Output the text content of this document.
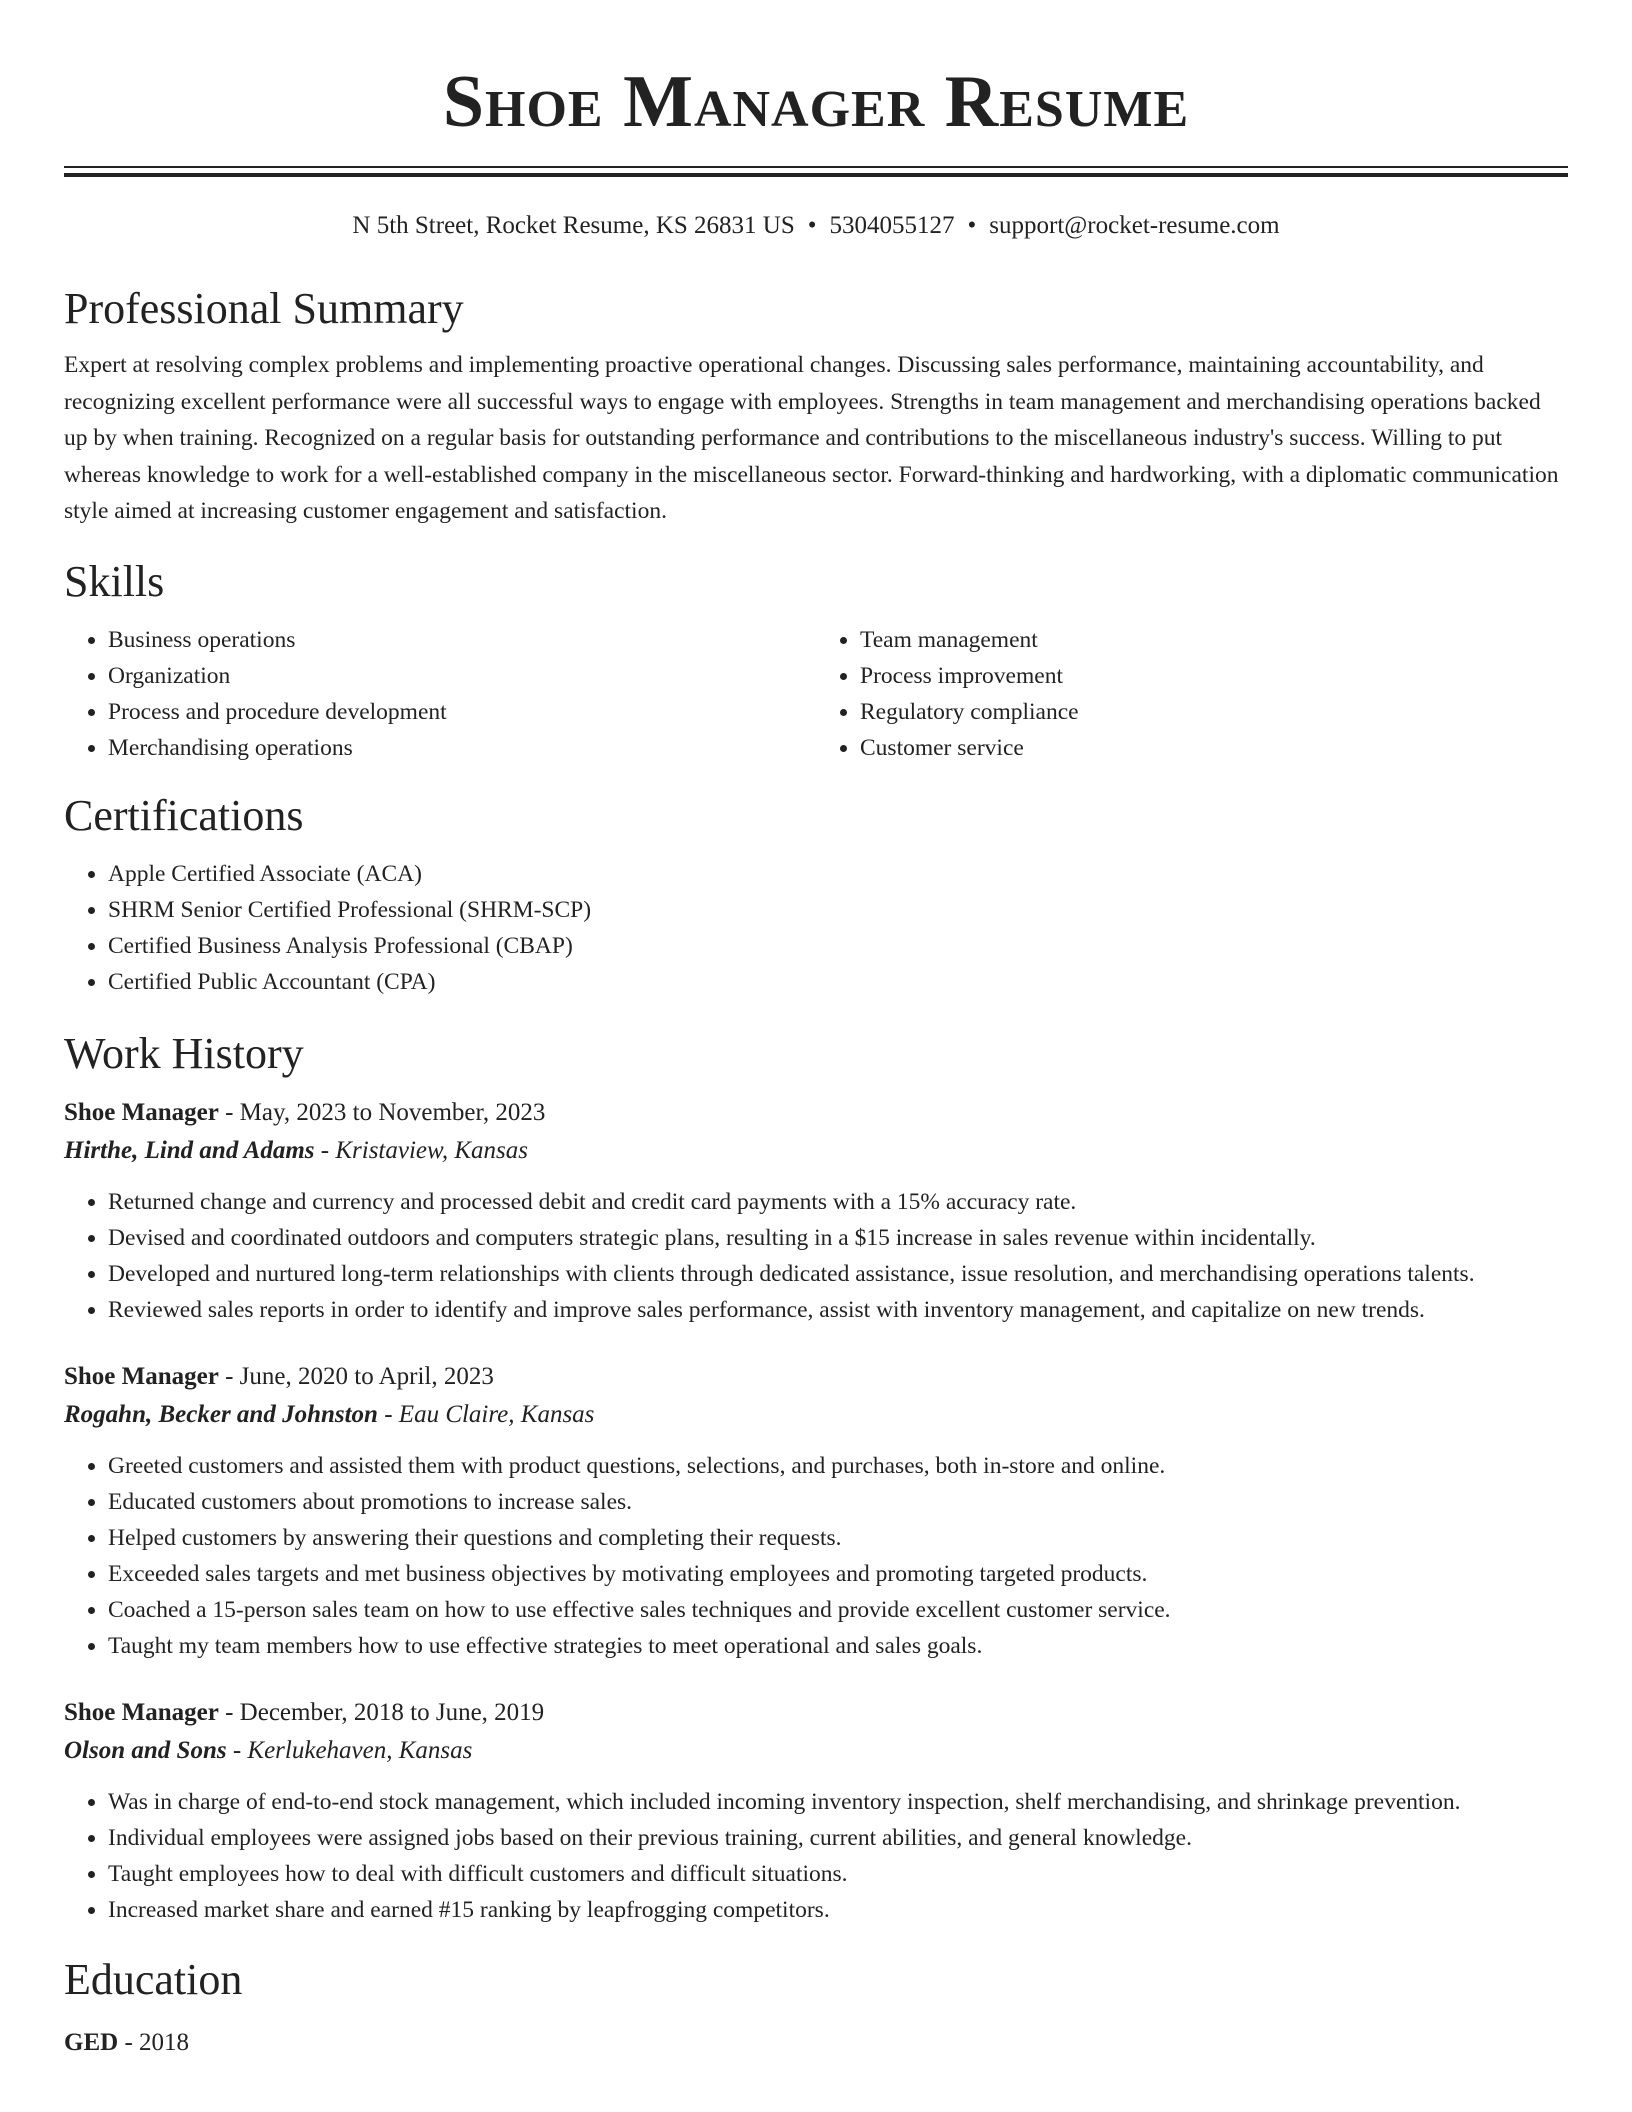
Shoe Manager Resume
N 5th Street, Rocket Resume, KS 26831 US • 5304055127 • support@rocket-resume.com
Professional Summary
Expert at resolving complex problems and implementing proactive operational changes. Discussing sales performance, maintaining accountability, and recognizing excellent performance were all successful ways to engage with employees. Strengths in team management and merchandising operations backed up by when training. Recognized on a regular basis for outstanding performance and contributions to the miscellaneous industry's success. Willing to put whereas knowledge to work for a well-established company in the miscellaneous sector. Forward-thinking and hardworking, with a diplomatic communication style aimed at increasing customer engagement and satisfaction.
Skills
• Business operations
• Organization
• Process and procedure development
• Merchandising operations
• Team management
• Process improvement
• Regulatory compliance
• Customer service
Certifications
• Apple Certified Associate (ACA)
• SHRM Senior Certified Professional (SHRM-SCP)
• Certified Business Analysis Professional (CBAP)
• Certified Public Accountant (CPA)
Work History
Shoe Manager - May, 2023 to November, 2023
Hirthe, Lind and Adams - Kristaview, Kansas
• Returned change and currency and processed debit and credit card payments with a 15% accuracy rate.
• Devised and coordinated outdoors and computers strategic plans, resulting in a $15 increase in sales revenue within incidentally.
• Developed and nurtured long-term relationships with clients through dedicated assistance, issue resolution, and merchandising operations talents.
• Reviewed sales reports in order to identify and improve sales performance, assist with inventory management, and capitalize on new trends.
Shoe Manager - June, 2020 to April, 2023
Rogahn, Becker and Johnston - Eau Claire, Kansas
• Greeted customers and assisted them with product questions, selections, and purchases, both in-store and online.
• Educated customers about promotions to increase sales.
• Helped customers by answering their questions and completing their requests.
• Exceeded sales targets and met business objectives by motivating employees and promoting targeted products.
• Coached a 15-person sales team on how to use effective sales techniques and provide excellent customer service.
• Taught my team members how to use effective strategies to meet operational and sales goals.
Shoe Manager - December, 2018 to June, 2019
Olson and Sons - Kerlukehaven, Kansas
• Was in charge of end-to-end stock management, which included incoming inventory inspection, shelf merchandising, and shrinkage prevention.
• Individual employees were assigned jobs based on their previous training, current abilities, and general knowledge.
• Taught employees how to deal with difficult customers and difficult situations.
• Increased market share and earned #15 ranking by leapfrogging competitors.
Education
GED - 2018
